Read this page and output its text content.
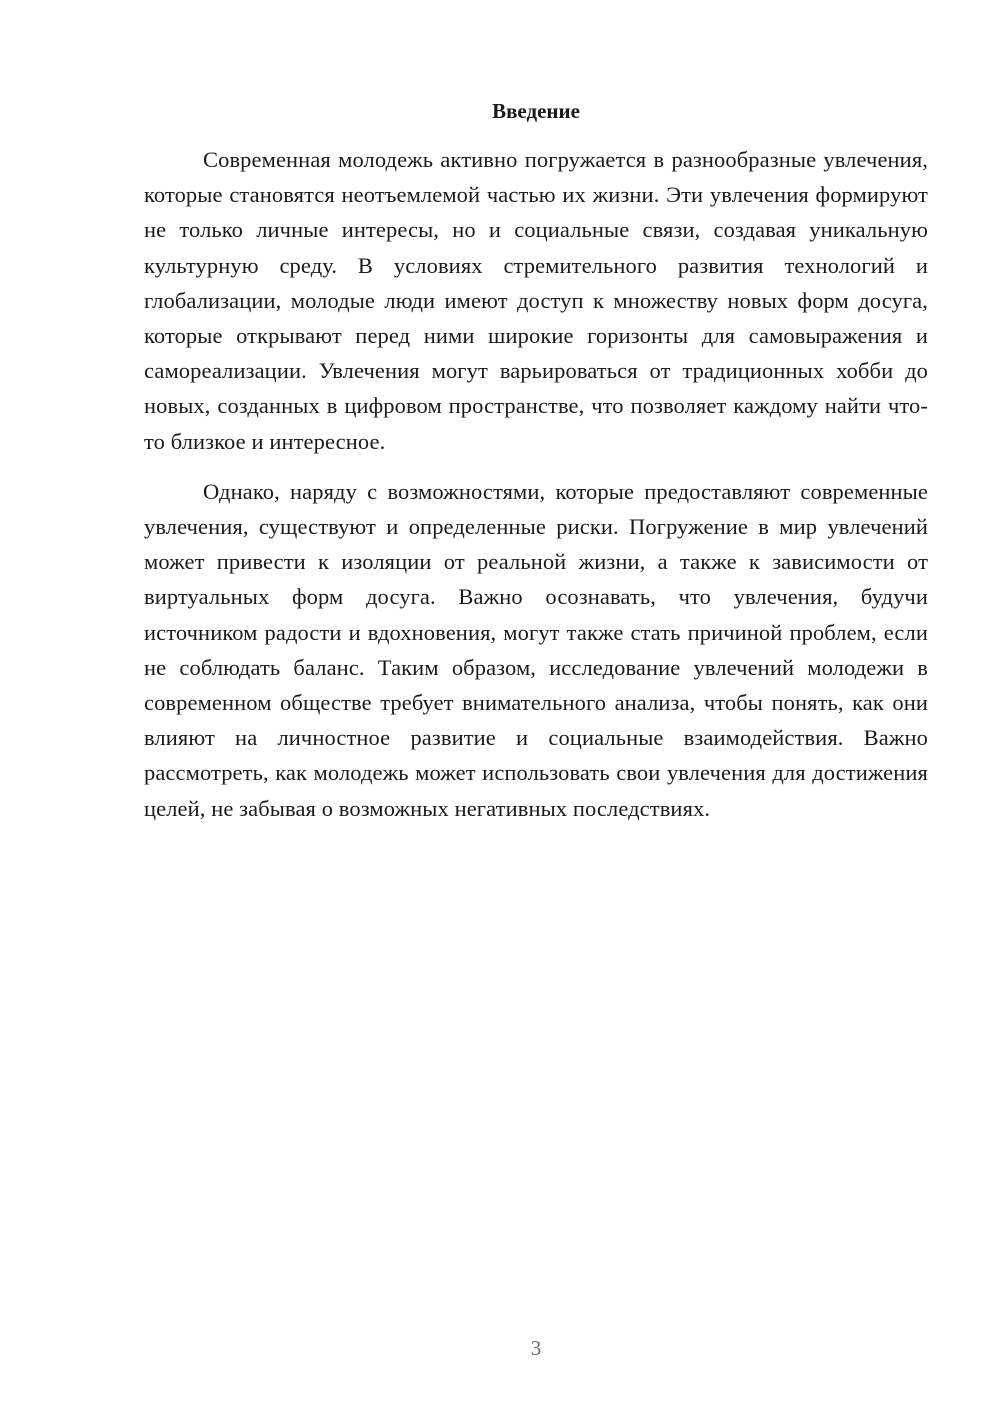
Введение

Современная молодежь активно погружается в разнообразные увлечения, которые становятся неотъемлемой частью их жизни. Эти увлечения формируют не только личные интересы, но и социальные связи, создавая уникальную культурную среду. В условиях стремительного развития технологий и глобализации, молодые люди имеют доступ к множеству новых форм досуга, которые открывают перед ними широкие горизонты для самовыражения и самореализации. Увлечения могут варьироваться от традиционных хобби до новых, созданных в цифровом пространстве, что позволяет каждому найти что-то близкое и интересное.

Однако, наряду с возможностями, которые предоставляют современные увлечения, существуют и определенные риски. Погружение в мир увлечений может привести к изоляции от реальной жизни, а также к зависимости от виртуальных форм досуга. Важно осознавать, что увлечения, будучи источником радости и вдохновения, могут также стать причиной проблем, если не соблюдать баланс. Таким образом, исследование увлечений молодежи в современном обществе требует внимательного анализа, чтобы понять, как они влияют на личностное развитие и социальные взаимодействия. Важно рассмотреть, как молодежь может использовать свои увлечения для достижения целей, не забывая о возможных негативных последствиях.

3
